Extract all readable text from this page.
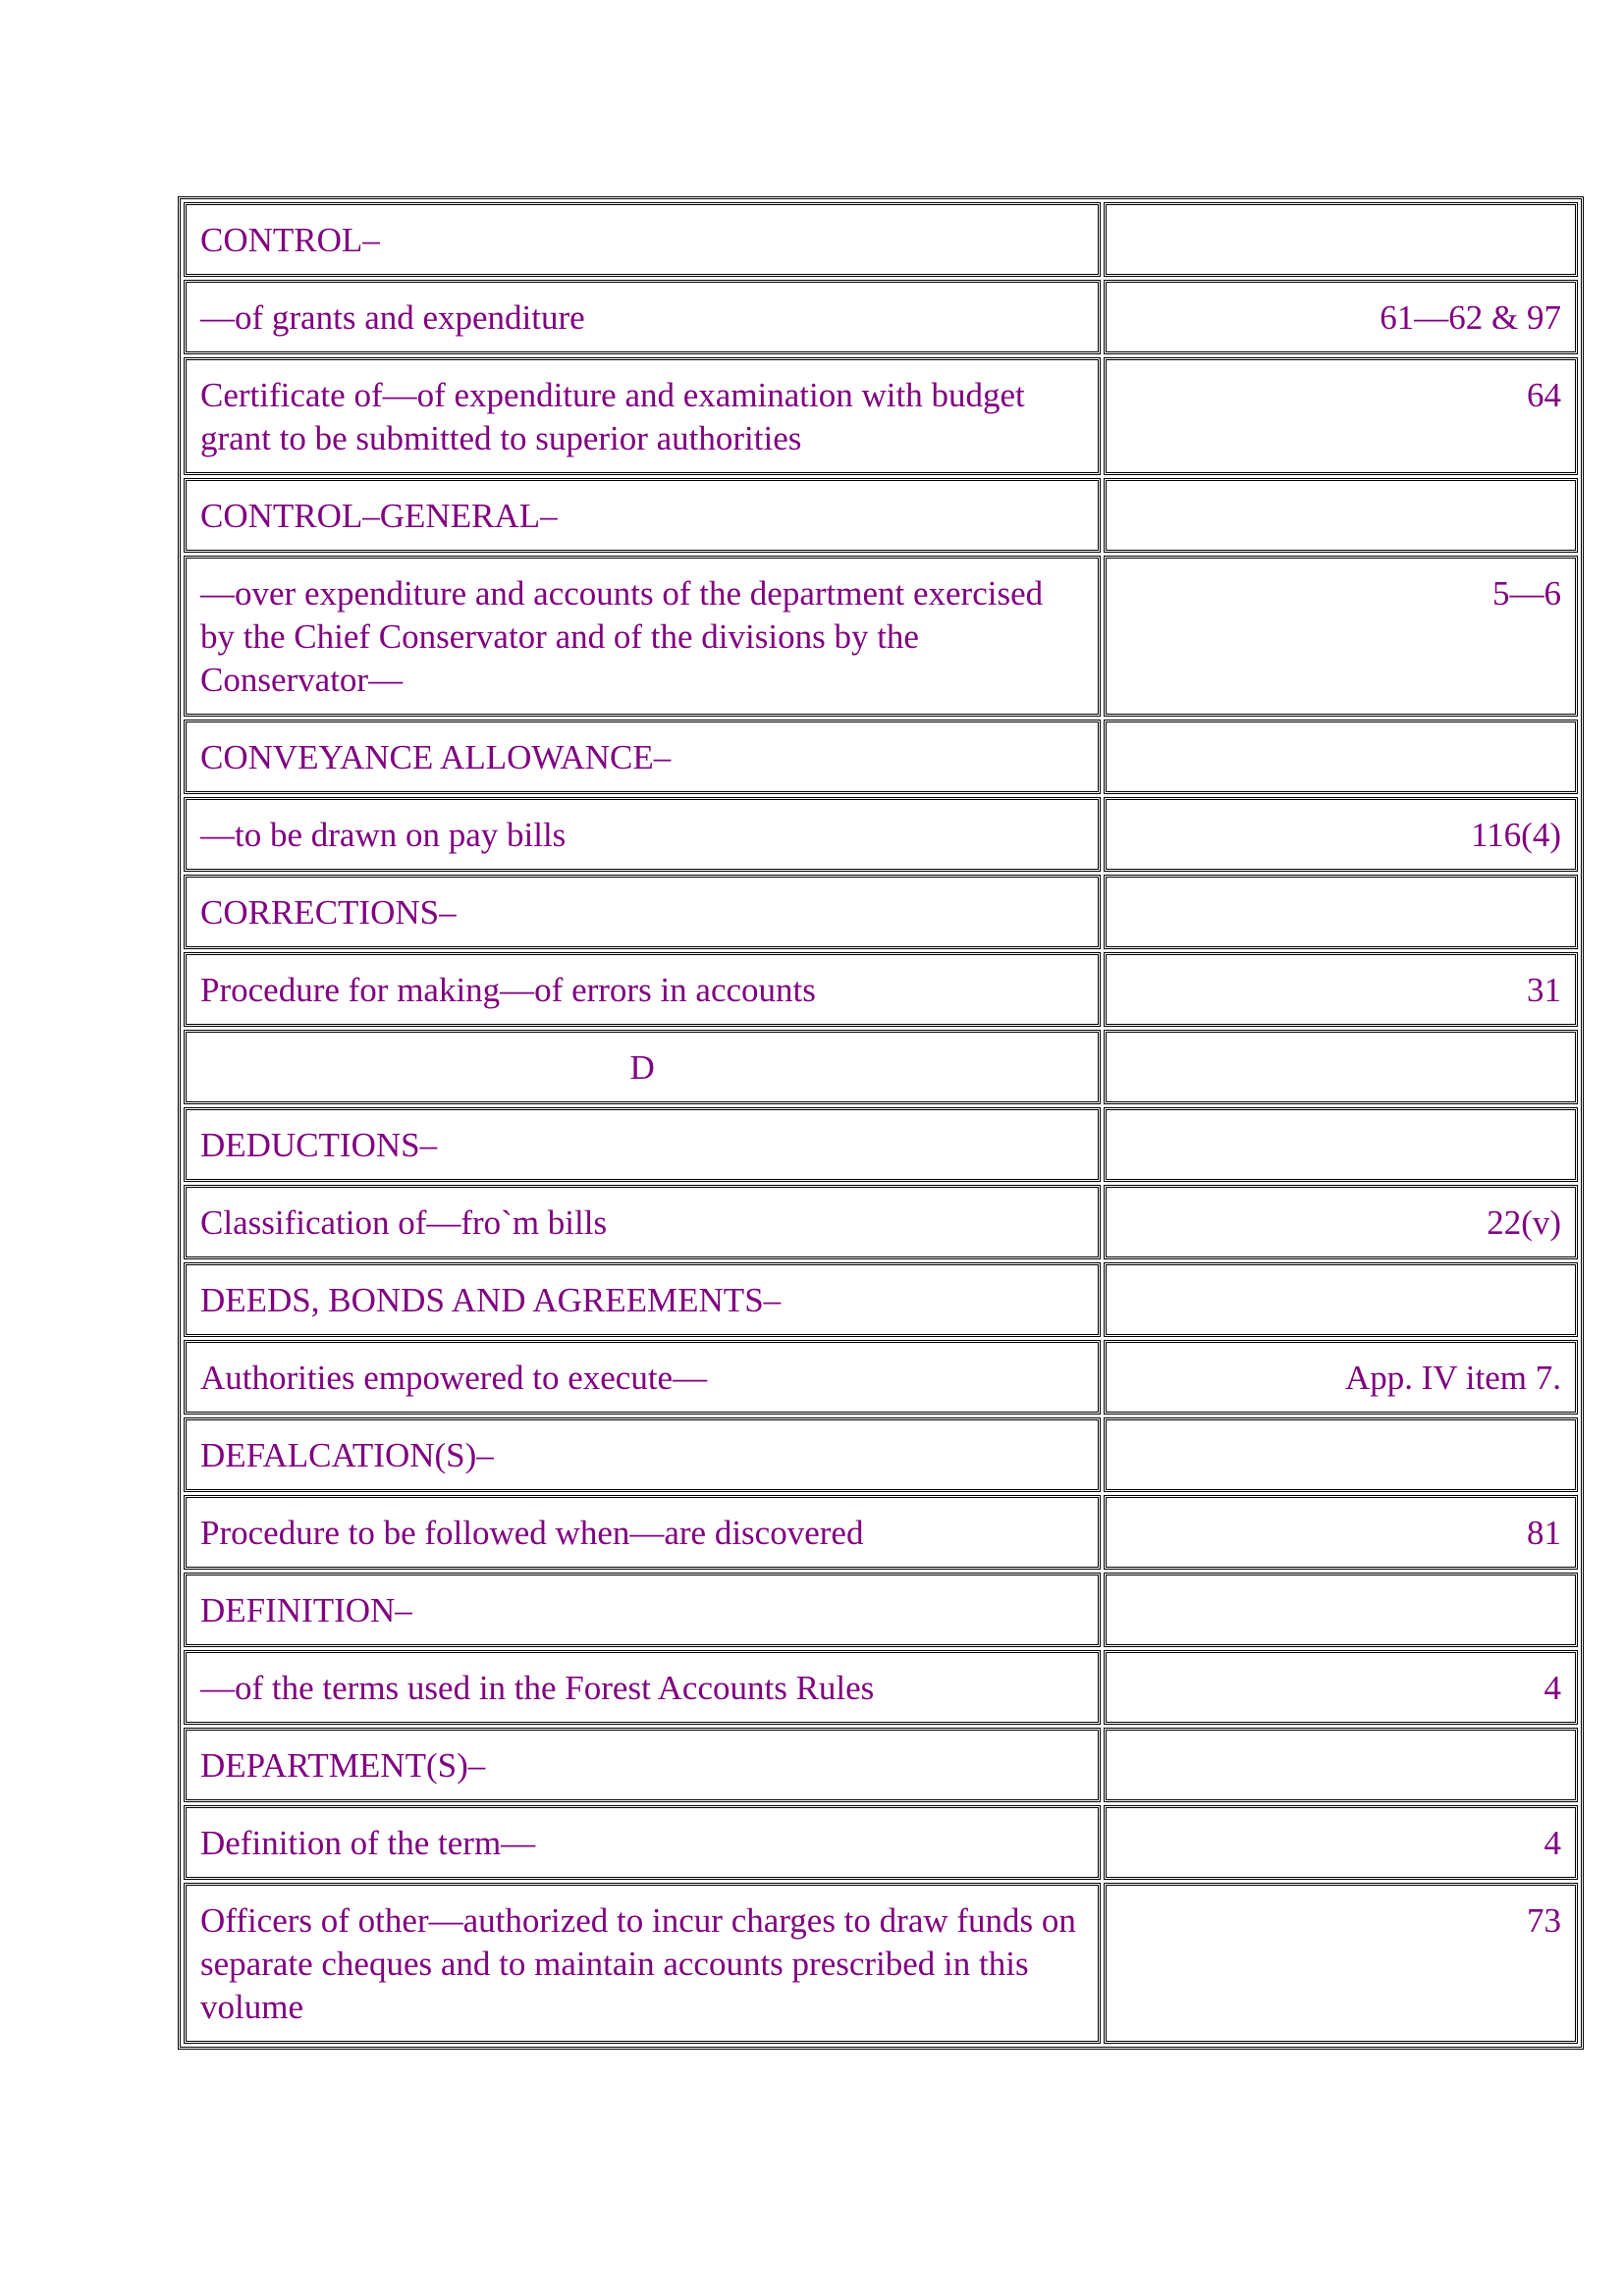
CONTROL–	
—of grants and expenditure	61—62 & 97
Certificate of—of expenditure and examination with budget grant to be submitted to superior authorities	64
CONTROL–GENERAL–	
—over expenditure and accounts of the department exercised by the Chief Conservator and of the divisions by the Conservator—	5—6
CONVEYANCE ALLOWANCE–	
—to be drawn on pay bills	116(4)
CORRECTIONS–	
Procedure for making—of errors in accounts	31
D	
DEDUCTIONS–	
Classification of—fro`m bills	22(v)
DEEDS, BONDS AND AGREEMENTS–	
Authorities empowered to execute—	App. IV item 7.
DEFALCATION(S)–	
Procedure to be followed when—are discovered	81
DEFINITION–	
—of the terms used in the Forest Accounts Rules	4
DEPARTMENT(S)–	
Definition of the term—	4
Officers of other—authorized to incur charges to draw funds on separate cheques and to maintain accounts prescribed in this volume	73
